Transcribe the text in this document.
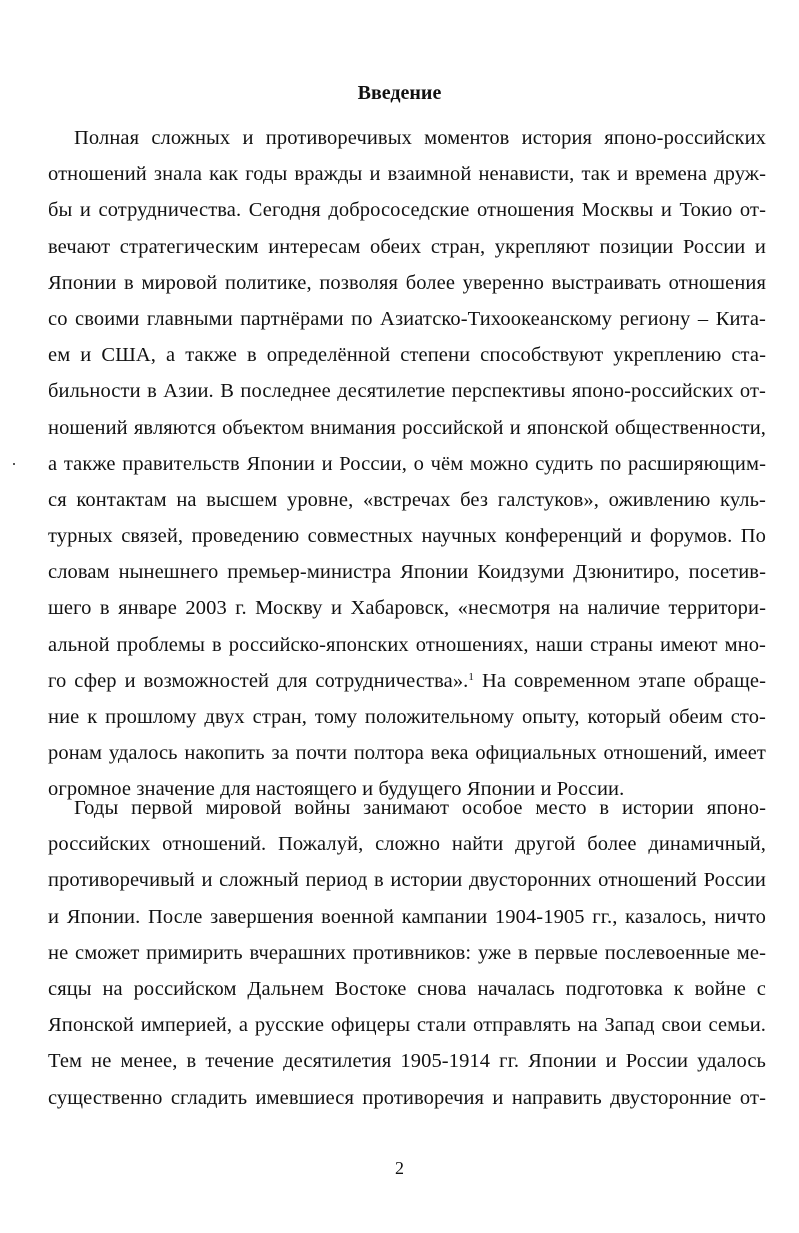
Введение
Полная сложных и противоречивых моментов история японо-российских
отношений знала как годы вражды и взаимной ненависти, так и времена друж-
бы и сотрудничества. Сегодня добрососедские отношения Москвы и Токио от-
вечают стратегическим интересам обеих стран, укрепляют позиции России и
Японии в мировой политике, позволяя более уверенно выстраивать отношения
со своими главными партнёрами по Азиатско-Тихоокеанскому региону – Кита-
ем и США, а также в определённой степени способствуют укреплению ста-
бильности в Азии. В последнее десятилетие перспективы японо-российских от-
ношений являются объектом внимания российской и японской общественности,
а также правительств Японии и России, о чём можно судить по расширяющим-
ся контактам на высшем уровне, «встречах без галстуков», оживлению куль-
турных связей, проведению совместных научных конференций и форумов. По
словам нынешнего премьер-министра Японии Коидзуми Дзюнитиро, посетив-
шего в январе 2003 г. Москву и Хабаровск, «несмотря на наличие территори-
альной проблемы в российско-японских отношениях, наши страны имеют мно-
го сфер и возможностей для сотрудничества».$^1$ На современном этапе обраще-
ние к прошлому двух стран, тому положительному опыту, который обеим сто-
ронам удалось накопить за почти полтора века официальных отношений, имеет
огромное значение для настоящего и будущего Японии и России.
Годы первой мировой войны занимают особое место в истории японо-
российских отношений. Пожалуй, сложно найти другой более динамичный,
противоречивый и сложный период в истории двусторонних отношений России
и Японии. После завершения военной кампании 1904-1905 гг., казалось, ничто
не сможет примирить вчерашних противников: уже в первые послевоенные ме-
сяцы на российском Дальнем Востоке снова началась подготовка к войне с
Японской империей, а русские офицеры стали отправлять на Запад свои семьи.
Тем не менее, в течение десятилетия 1905-1914 гг. Японии и России удалось
существенно сгладить имевшиеся противоречия и направить двусторонние от-
2
